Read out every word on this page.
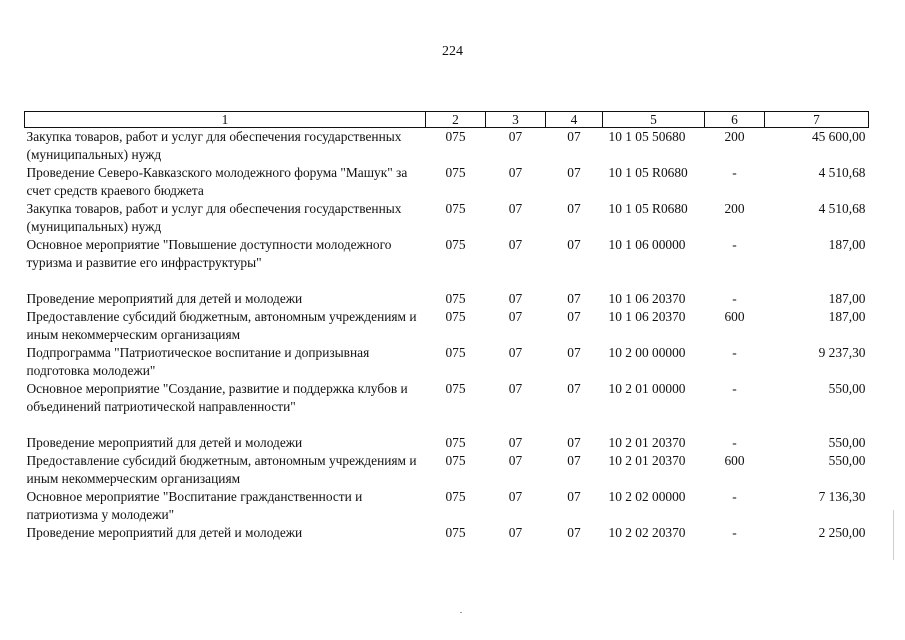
224
1	2	3	4	5	6	7
Закупка товаров, работ и услуг для обеспечения государственных (муниципальных) нужд	075	07	07	10 1 05 50680	200	45 600,00
Проведение Северо-Кавказского молодежного форума "Машук" за счет средств краевого бюджета	075	07	07	10 1 05 R0680	-	4 510,68
Закупка товаров, работ и услуг для обеспечения государственных (муниципальных) нужд	075	07	07	10 1 05 R0680	200	4 510,68
Основное мероприятие "Повышение доступности молодежного туризма и развитие его инфраструктуры"	075	07	07	10 1 06 00000	-	187,00
Проведение мероприятий для детей и молодежи	075	07	07	10 1 06 20370	-	187,00
Предоставление субсидий бюджетным, автономным учреждениям и иным некоммерческим организациям	075	07	07	10 1 06 20370	600	187,00
Подпрограмма "Патриотическое воспитание и допризывная подготовка молодежи"	075	07	07	10 2 00 00000	-	9 237,30
Основное мероприятие "Создание, развитие и поддержка клубов и объединений патриотической направленности"	075	07	07	10 2 01 00000	-	550,00
Проведение мероприятий для детей и молодежи	075	07	07	10 2 01 20370	-	550,00
Предоставление субсидий бюджетным, автономным учреждениям и иным некоммерческим организациям	075	07	07	10 2 01 20370	600	550,00
Основное мероприятие "Воспитание гражданственности и патриотизма у молодежи"	075	07	07	10 2 02 00000	-	7 136,30
Проведение мероприятий для детей и молодежи	075	07	07	10 2 02 20370	-	2 250,00
